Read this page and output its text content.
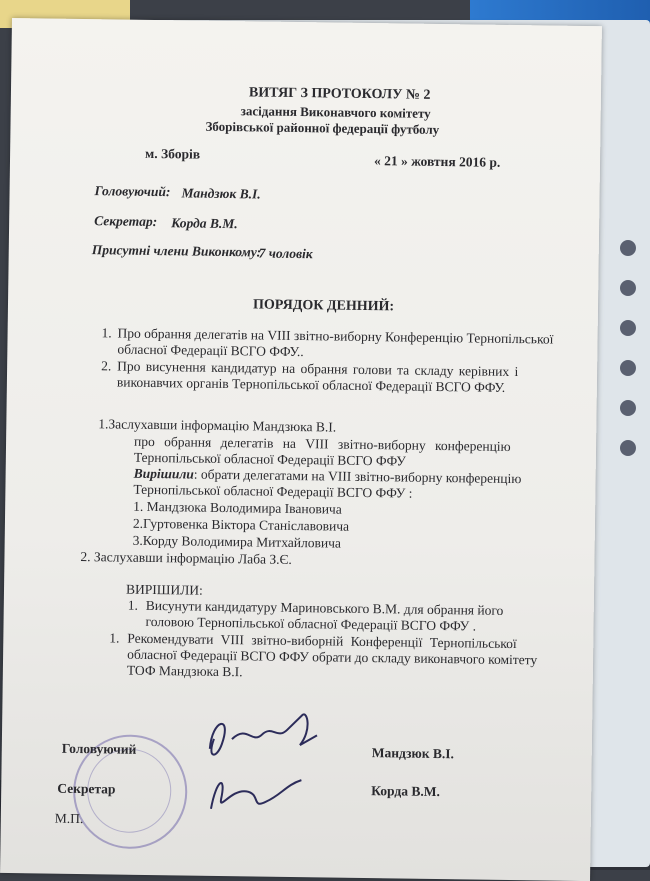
ВИТЯГ З ПРОТОКОЛУ № 2
засідання Виконавчого комітету
Зборівської районної федерації футболу
м. Зборів	« 21 » жовтня 2016 р.
Головуючий: Мандзюк В.І.
Секретар: Корда В.М.
Присутні члени Виконкому:
7 чоловік
ПОРЯДОК ДЕННИЙ:
1. Про обрання делегатів на VIII звітно-виборну Конференцію Тернопільської
обласної Федерації ВСГО ФФУ..
2. Про висунення кандидатур на обрання голови та складу керівних і
виконавчих органів Тернопільської обласної Федерації ВСГО ФФУ.
1.Заслухавши інформацію Мандзюка В.І.
про обрання делегатів на VIII звітно-виборну конференцію
Тернопільської обласної Федерації ВСГО ФФУ
Вирішили: обрати делегатами на VIII звітно-виборну конференцію
Тернопільської обласної Федерації ВСГО ФФУ :
1. Мандзюка Володимира Івановича
2.Гуртовенка Віктора Станіславовича
3.Корду Володимира Митхайловича
2. Заслухавши інформацію Лаба З.Є.
ВИРІШИЛИ:
1. Висунути кандидатуру Мариновського В.М. для обрання його
головою Тернопільської обласної Федерації ВСГО ФФУ .
1. Рекомендувати VIII звітно-виборній Конференції Тернопільської
обласної Федерації ВСГО ФФУ обрати до складу виконавчого комітету
ТОФ Мандзюка В.І.
Головуючий	Мандзюк В.І.
Секретар	Корда В.М.
М.П.
